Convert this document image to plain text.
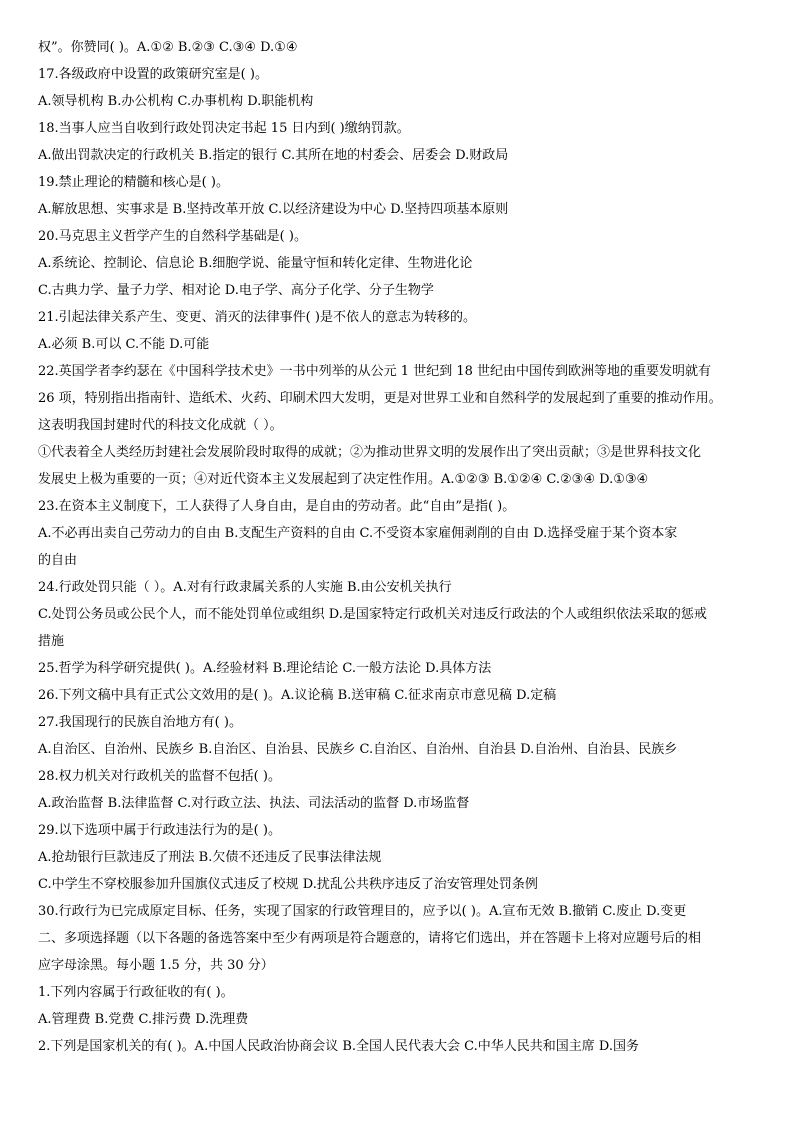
权”。你赞同( )。A.①② B.②③ C.③④ D.①④
17.各级政府中设置的政策研究室是( )。
A.领导机构 B.办公机构 C.办事机构 D.职能机构
18.当事人应当自收到行政处罚决定书起 15 日内到( )缴纳罚款。
A.做出罚款决定的行政机关 B.指定的银行 C.其所在地的村委会、居委会 D.财政局
19.禁止理论的精髓和核心是( )。
A.解放思想、实事求是 B.坚持改革开放 C.以经济建设为中心 D.坚持四项基本原则
20.马克思主义哲学产生的自然科学基础是( )。
A.系统论、控制论、信息论 B.细胞学说、能量守恒和转化定律、生物进化论
C.古典力学、量子力学、相对论 D.电子学、高分子化学、分子生物学
21.引起法律关系产生、变更、消灭的法律事件( )是不依人的意志为转移的。
A.必须 B.可以 C.不能 D.可能
22.英国学者李约瑟在《中国科学技术史》一书中列举的从公元 1 世纪到 18 世纪由中国传到欧洲等地的重要发明就有
26 项，特别指出指南针、造纸术、火药、印刷术四大发明，更是对世界工业和自然科学的发展起到了重要的推动作用。
这表明我国封建时代的科技文化成就（ ）。
①代表着全人类经历封建社会发展阶段时取得的成就；②为推动世界文明的发展作出了突出贡献；③是世界科技文化
发展史上极为重要的一页；④对近代资本主义发展起到了决定性作用。A.①②③ B.①②④ C.②③④ D.①③④
23.在资本主义制度下，工人获得了人身自由，是自由的劳动者。此“自由”是指( )。
A.不必再出卖自己劳动力的自由 B.支配生产资料的自由 C.不受资本家雇佣剥削的自由 D.选择受雇于某个资本家
的自由
24.行政处罚只能（ ）。A.对有行政隶属关系的人实施 B.由公安机关执行
C.处罚公务员或公民个人，而不能处罚单位或组织 D.是国家特定行政机关对违反行政法的个人或组织依法采取的惩戒
措施
25.哲学为科学研究提供( )。A.经验材料 B.理论结论 C.一般方法论 D.具体方法
26.下列文稿中具有正式公文效用的是( )。A.议论稿 B.送审稿 C.征求南京市意见稿 D.定稿
27.我国现行的民族自治地方有( )。
A.自治区、自治州、民族乡 B.自治区、自治县、民族乡 C.自治区、自治州、自治县 D.自治州、自治县、民族乡
28.权力机关对行政机关的监督不包括( )。
A.政治监督 B.法律监督 C.对行政立法、执法、司法活动的监督 D.市场监督
29.以下选项中属于行政违法行为的是( )。
A.抢劫银行巨款违反了刑法 B.欠债不还违反了民事法律法规
C.中学生不穿校服参加升国旗仪式违反了校规 D.扰乱公共秩序违反了治安管理处罚条例
30.行政行为已完成原定目标、任务，实现了国家的行政管理目的，应予以( )。A.宣布无效 B.撤销 C.废止 D.变更
二、多项选择题（以下各题的备选答案中至少有两项是符合题意的，请将它们选出，并在答题卡上将对应题号后的相
应字母涂黑。每小题 1.5 分，共 30 分）
1.下列内容属于行政征收的有( )。
A.管理费 B.党费 C.排污费 D.洗理费
2.下列是国家机关的有( )。A.中国人民政治协商会议 B.全国人民代表大会 C.中华人民共和国主席 D.国务
